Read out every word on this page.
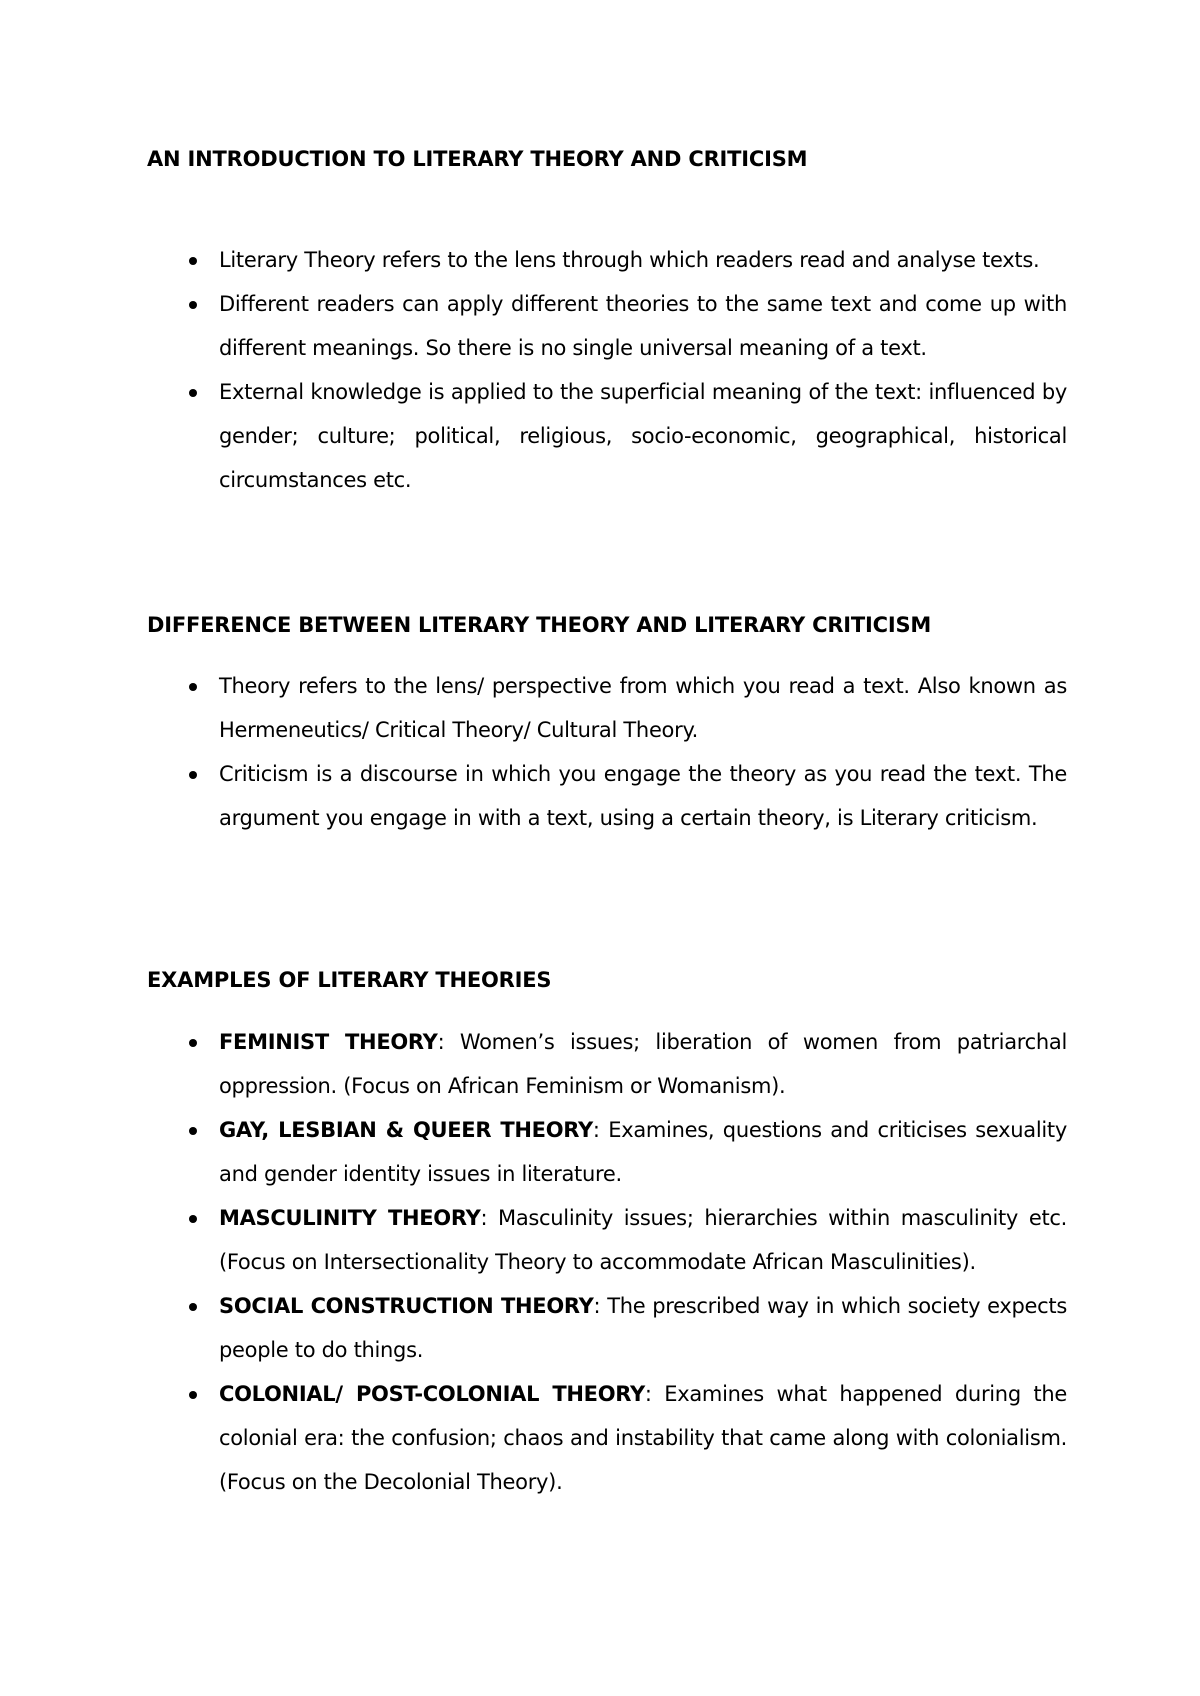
AN INTRODUCTION TO LITERARY THEORY AND CRITICISM
Literary Theory refers to the lens through which readers read and analyse texts.
Different readers can apply different theories to the same text and come up with different meanings. So there is no single universal meaning of a text.
External knowledge is applied to the superficial meaning of the text: influenced by gender; culture; political, religious, socio-economic, geographical, historical circumstances etc.
DIFFERENCE BETWEEN LITERARY THEORY AND LITERARY CRITICISM
Theory refers to the lens/ perspective from which you read a text. Also known as Hermeneutics/ Critical Theory/ Cultural Theory.
Criticism is a discourse in which you engage the theory as you read the text. The argument you engage in with a text, using a certain theory, is Literary criticism.
EXAMPLES OF LITERARY THEORIES
FEMINIST THEORY: Women’s issues; liberation of women from patriarchal oppression. (Focus on African Feminism or Womanism).
GAY, LESBIAN & QUEER THEORY: Examines, questions and criticises sexuality and gender identity issues in literature.
MASCULINITY THEORY: Masculinity issues; hierarchies within masculinity etc. (Focus on Intersectionality Theory to accommodate African Masculinities).
SOCIAL CONSTRUCTION THEORY: The prescribed way in which society expects people to do things.
COLONIAL/ POST-COLONIAL THEORY: Examines what happened during the colonial era: the confusion; chaos and instability that came along with colonialism. (Focus on the Decolonial Theory).
